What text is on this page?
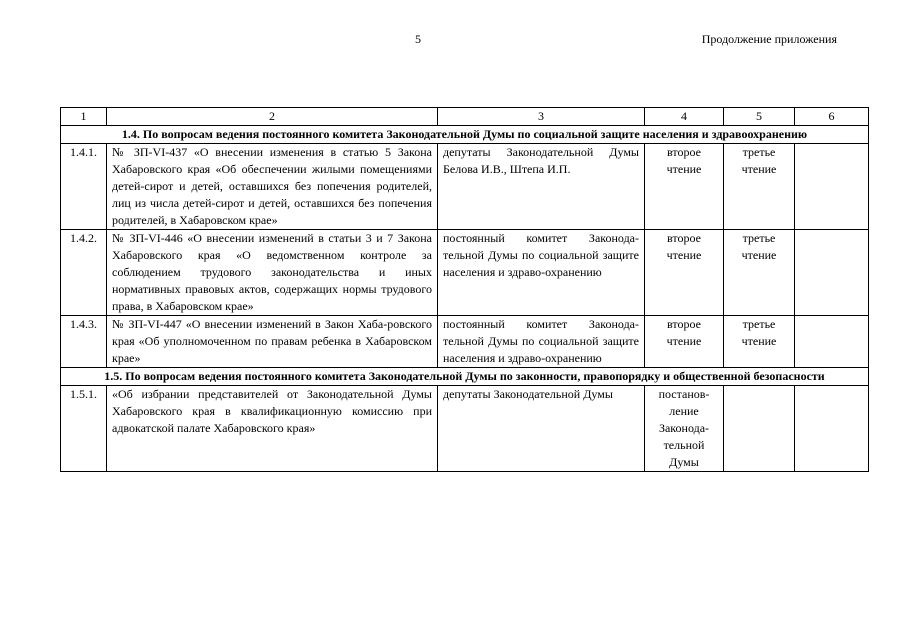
5	Продолжение приложения
1	2	3	4	5	6
1.4. По вопросам ведения постоянного комитета Законодательной Думы по социальной защите населения и здравоохранению					
1.4.1.	№ ЗП-VI-437 «О внесении изменения в статью 5 Закона Хабаровского края «Об обеспечении жилыми помещениями детей-сирот и детей, оставшихся без попечения родителей, лиц из числа детей-сирот и детей, оставшихся без попечения родителей, в Хабаровском крае»	депутаты Законодательной Думы Белова И.В., Штепа И.П.	второе чтение	третье чтение	
1.4.2.	№ ЗП-VI-446 «О внесении изменений в статьи 3 и 7 Закона Хабаровского края «О ведомственном контроле за соблюдением трудового законодательства и иных нормативных правовых актов, содержащих нормы трудового права, в Хабаровском крае»	постоянный комитет Законода-тельной Думы по социальной защите населения и здраво-охранению	второе чтение	третье чтение	
1.4.3.	№ ЗП-VI-447 «О внесении изменений в Закон Хаба-ровского края «Об уполномоченном по правам ребенка в Хабаровском крае»	постоянный комитет Законода-тельной Думы по социальной защите населения и здраво-охранению	второе чтение	третье чтение	
1.5. По вопросам ведения постоянного комитета Законодательной Думы по законности, правопорядку и общественной безопасности					
1.5.1.	«Об избрании представителей от Законодательной Думы Хабаровского края в квалификационную комиссию при адвокатской палате Хабаровского края»	депутаты Законодательной Думы	постанов-ление Законода-тельной Думы		
